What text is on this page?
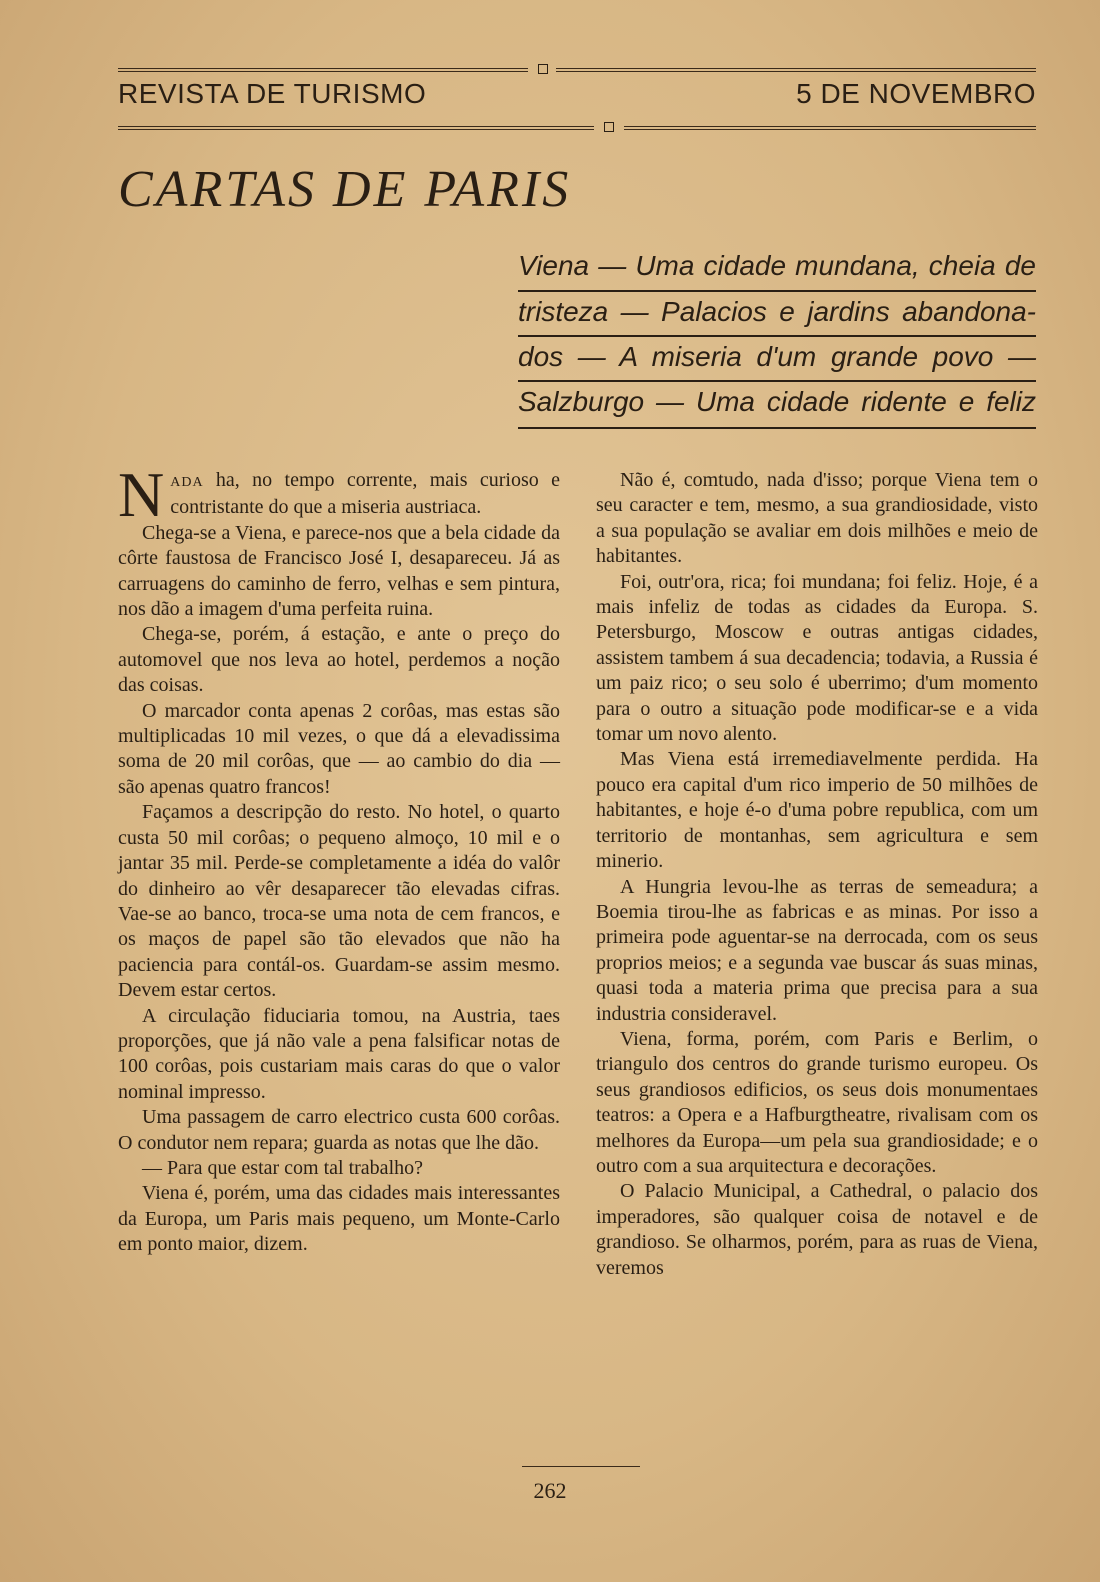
REVISTA DE TURISMO	5 DE NOVEMBRO
CARTAS DE PARIS
Viena — Uma cidade mundana, cheia de
tristeza — Palacios e jardins abandona-
dos — A miseria d'um grande povo —
Salzburgo — Uma cidade ridente e feliz

NADA ha, no tempo corrente, mais curioso e contristante do que a miseria austriaca.

Chega-se a Viena, e parece-nos que a bela cidade da côrte faustosa de Francisco José I, desapareceu. Já as carruagens do caminho de ferro, velhas e sem pintura, nos dão a imagem d'uma perfeita ruina.

Chega-se, porém, á estação, e ante o preço do automovel que nos leva ao hotel, perdemos a noção das coisas.

O marcador conta apenas 2 corôas, mas estas são multiplicadas 10 mil vezes, o que dá a elevadissima soma de 20 mil corôas, que — ao cambio do dia — são apenas quatro francos!

Façamos a descripção do resto. No hotel, o quarto custa 50 mil corôas; o pequeno almoço, 10 mil e o jantar 35 mil. Perde-se completamente a idéa do valôr do dinheiro ao vêr desaparecer tão elevadas cifras. Vae-se ao banco, troca-se uma nota de cem francos, e os maços de papel são tão elevados que não ha paciencia para contál-os. Guardam-se assim mesmo. Devem estar certos.

A circulação fiduciaria tomou, na Austria, taes proporções, que já não vale a pena falsificar notas de 100 corôas, pois custariam mais caras do que o valor nominal impresso.

Uma passagem de carro electrico custa 600 corôas. O condutor nem repara; guarda as notas que lhe dão.

— Para que estar com tal trabalho?

Viena é, porém, uma das cidades mais interessantes da Europa, um Paris mais pequeno, um Monte-Carlo em ponto maior, dizem.

Não é, comtudo, nada d'isso; porque Viena tem o seu caracter e tem, mesmo, a sua grandiosidade, visto a sua população se avaliar em dois milhões e meio de habitantes.

Foi, outr'ora, rica; foi mundana; foi feliz. Hoje, é a mais infeliz de todas as cidades da Europa. S. Petersburgo, Moscow e outras antigas cidades, assistem tambem á sua decadencia; todavia, a Russia é um paiz rico; o seu solo é uberrimo; d'um momento para o outro a situação pode modificar-se e a vida tomar um novo alento.

Mas Viena está irremediavelmente perdida. Ha pouco era capital d'um rico imperio de 50 milhões de habitantes, e hoje é-o d'uma pobre republica, com um territorio de montanhas, sem agricultura e sem minerio.

A Hungria levou-lhe as terras de semeadura; a Boemia tirou-lhe as fabricas e as minas. Por isso a primeira pode aguentar-se na derrocada, com os seus proprios meios; e a segunda vae buscar ás suas minas, quasi toda a materia prima que precisa para a sua industria consideravel.

Viena, forma, porém, com Paris e Berlim, o triangulo dos centros do grande turismo europeu. Os seus grandiosos edificios, os seus dois monumentaes teatros: a Opera e a Hafburgtheatre, rivalisam com os melhores da Europa—um pela sua grandiosidade; e o outro com a sua arquitectura e decorações.

O Palacio Municipal, a Cathedral, o palacio dos imperadores, são qualquer coisa de notavel e de grandioso. Se olharmos, porém, para as ruas de Viena, veremos

262
